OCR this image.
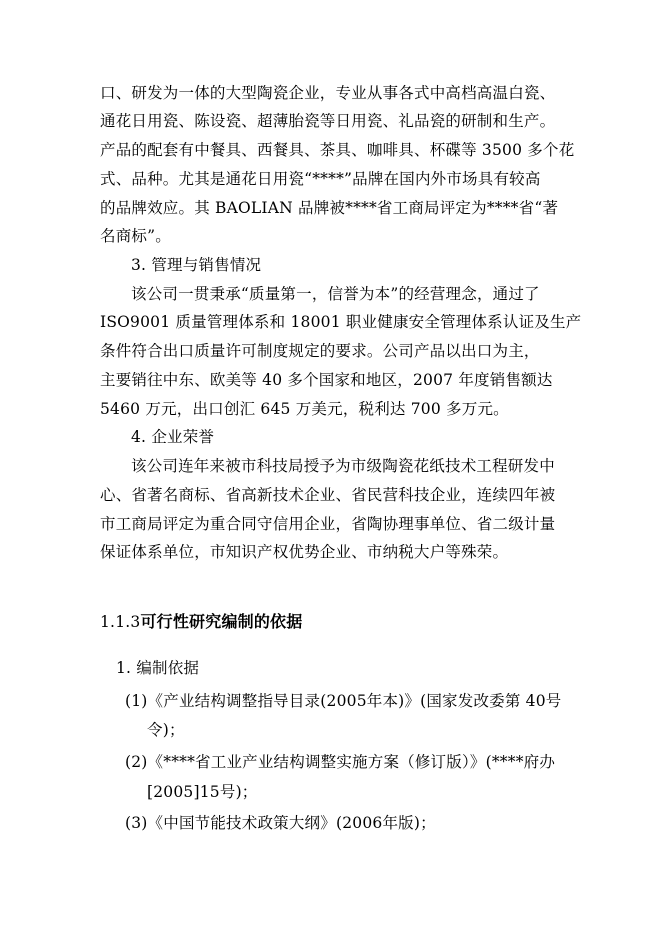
口、研发为一体的大型陶瓷企业，专业从事各式中高档高温白瓷、
通花日用瓷、陈设瓷、超薄胎瓷等日用瓷、礼品瓷的研制和生产。
产品的配套有中餐具、西餐具、茶具、咖啡具、杯碟等 3500 多个花
式、品种。尤其是通花日用瓷“****”品牌在国内外市场具有较高
的品牌效应。其 BAOLIAN 品牌被****省工商局评定为****省“著
名商标”。
3. 管理与销售情况
该公司一贯秉承“质量第一，信誉为本”的经营理念，通过了
ISO9001 质量管理体系和 18001 职业健康安全管理体系认证及生产
条件符合出口质量许可制度规定的要求。公司产品以出口为主，
主要销往中东、欧美等 40 多个国家和地区，2007 年度销售额达
5460 万元，出口创汇 645 万美元，税利达 700 多万元。
4. 企业荣誉
该公司连年来被市科技局授予为市级陶瓷花纸技术工程研发中
心、省著名商标、省高新技术企业、省民营科技企业，连续四年被
市工商局评定为重合同守信用企业，省陶协理事单位、省二级计量
保证体系单位，市知识产权优势企业、市纳税大户等殊荣。
1.1.3可行性研究编制的依据
1. 编制依据
(1)《产业结构调整指导目录(2005年本)》(国家发改委第 40号
令)；
(2)《****省工业产业结构调整实施方案（修订版）》(****府办
[2005]15号)；
(3)《中国节能技术政策大纲》(2006年版)；
